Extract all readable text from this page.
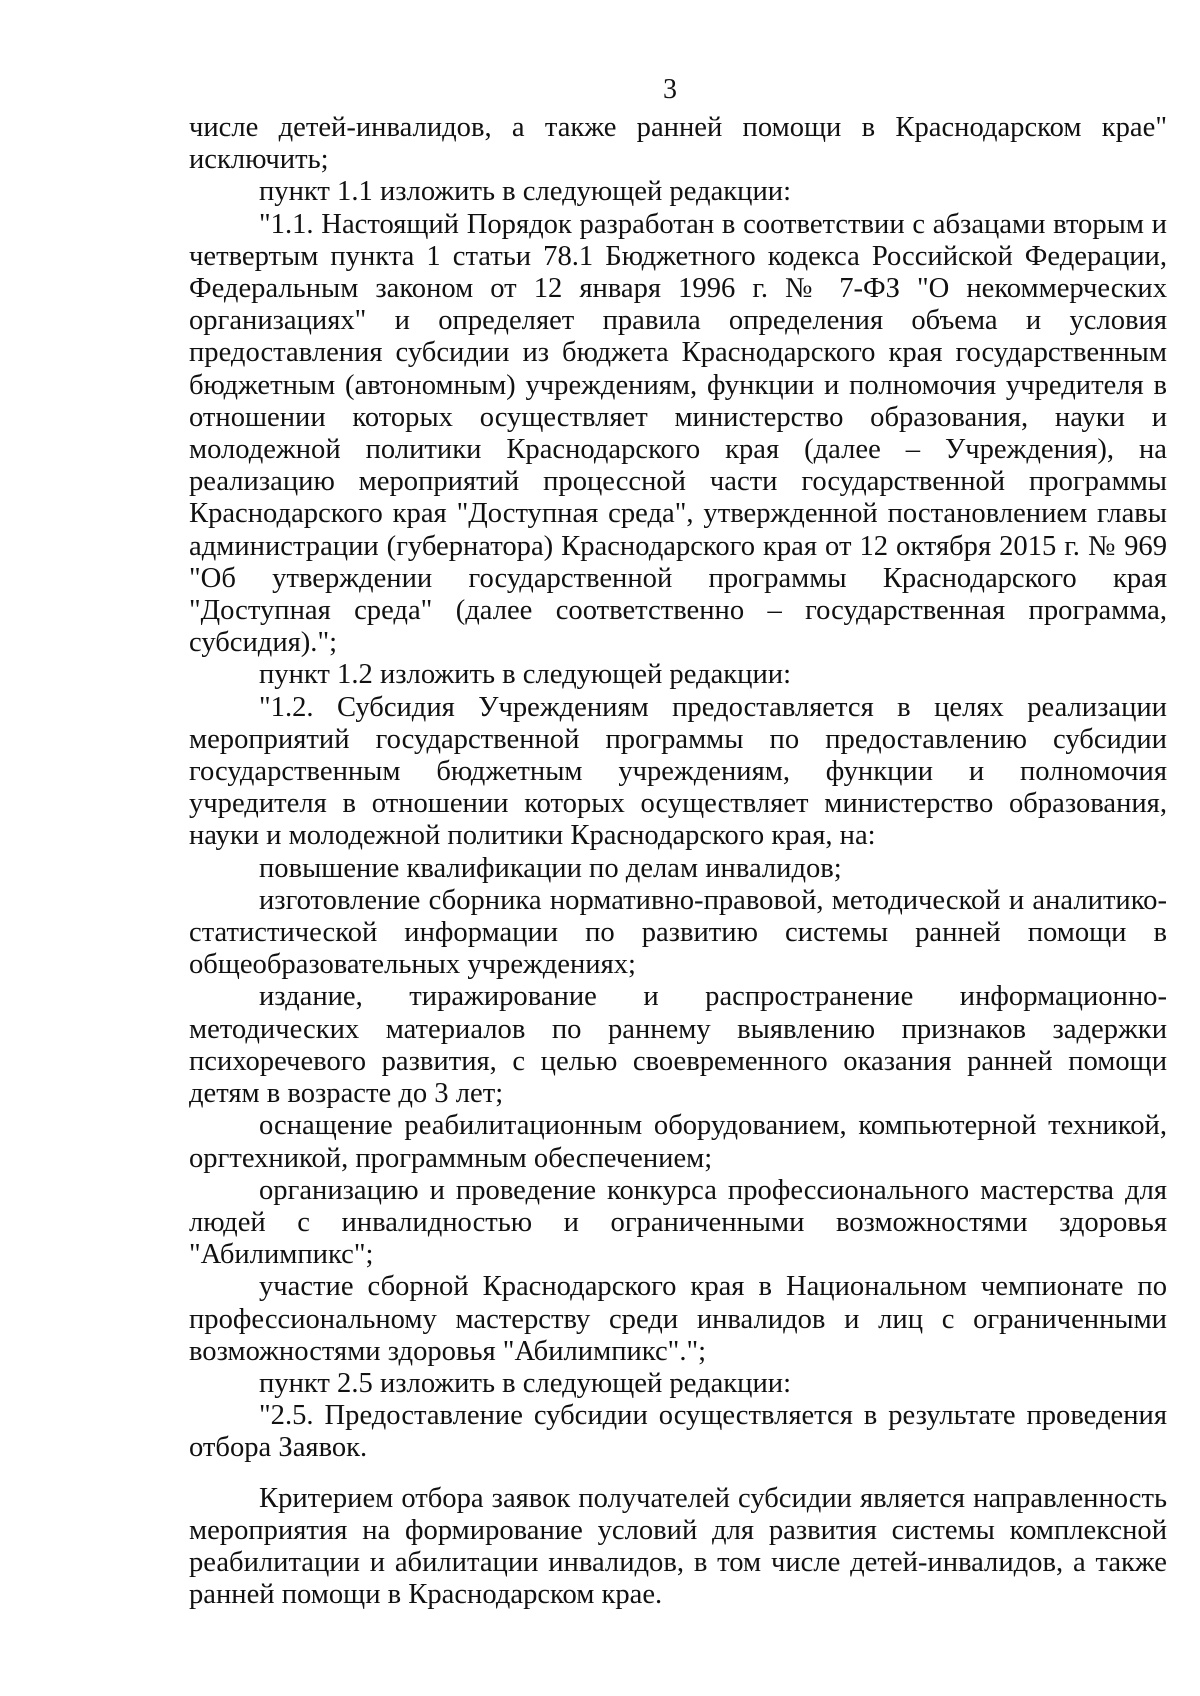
3

числе детей-инвалидов, а также ранней помощи в Краснодарском крае" исключить;

пункт 1.1 изложить в следующей редакции:

"1.1. Настоящий Порядок разработан в соответствии с абзацами вторым и четвертым пункта 1 статьи 78.1 Бюджетного кодекса Российской Федерации, Федеральным законом от 12 января 1996 г. № 7-ФЗ "О некоммерческих организациях" и определяет правила определения объема и условия предоставления субсидии из бюджета Краснодарского края государственным бюджетным (автономным) учреждениям, функции и полномочия учредителя в отношении которых осуществляет министерство образования, науки и молодежной политики Краснодарского края (далее – Учреждения), на реализацию мероприятий процессной части государственной программы Краснодарского края "Доступная среда", утвержденной постановлением главы администрации (губернатора) Краснодарского края от 12 октября 2015 г. № 969 "Об утверждении государственной программы Краснодарского края "Доступная среда" (далее соответственно – государственная программа, субсидия).";

пункт 1.2 изложить в следующей редакции:

"1.2. Субсидия Учреждениям предоставляется в целях реализации мероприятий государственной программы по предоставлению субсидии государственным бюджетным учреждениям, функции и полномочия учредителя в отношении которых осуществляет министерство образования, науки и молодежной политики Краснодарского края, на:

повышение квалификации по делам инвалидов;

изготовление сборника нормативно-правовой, методической и аналитико-статистической информации по развитию системы ранней помощи в общеобразовательных учреждениях;

издание, тиражирование и распространение информационно-методических материалов по раннему выявлению признаков задержки психоречевого развития, с целью своевременного оказания ранней помощи детям в возрасте до 3 лет;

оснащение реабилитационным оборудованием, компьютерной техникой, оргтехникой, программным обеспечением;

организацию и проведение конкурса профессионального мастерства для людей с инвалидностью и ограниченными возможностями здоровья "Абилимпикс";

участие сборной Краснодарского края в Национальном чемпионате по профессиональному мастерству среди инвалидов и лиц с ограниченными возможностями здоровья "Абилимпикс".";

пункт 2.5 изложить в следующей редакции:

"2.5. Предоставление субсидии осуществляется в результате проведения отбора Заявок.

Критерием отбора заявок получателей субсидии является направленность мероприятия на формирование условий для развития системы комплексной реабилитации и абилитации инвалидов, в том числе детей-инвалидов, а также ранней помощи в Краснодарском крае.
